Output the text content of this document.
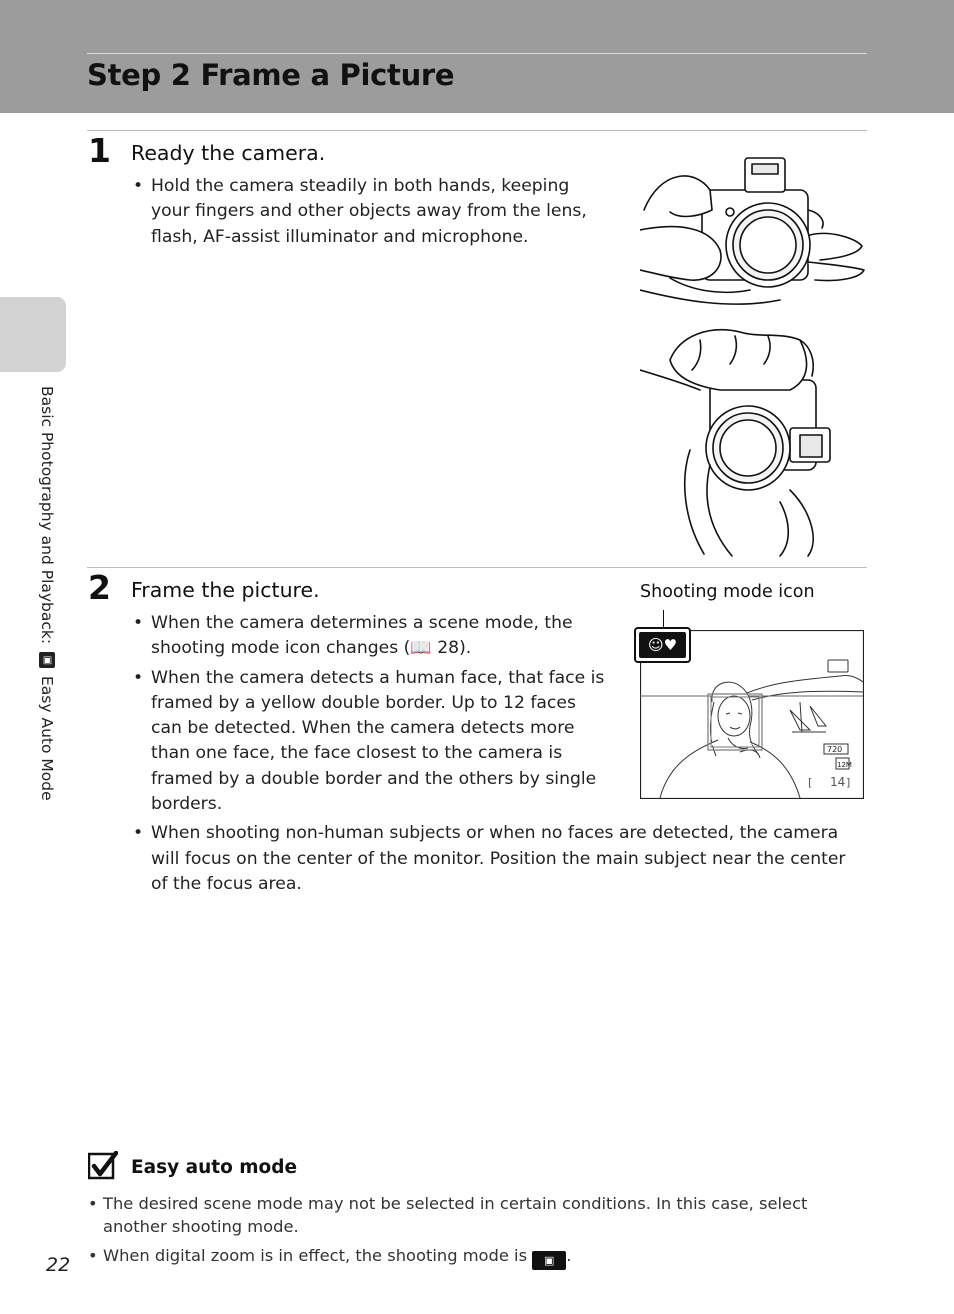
Step 2 Frame a Picture
Basic Photography and Playback: ▣ Easy Auto Mode
1 Ready the camera.
• Hold the camera steadily in both hands, keeping your fingers and other objects away from the lens, flash, AF-assist illuminator and microphone.
2 Frame the picture.
• When the camera determines a scene mode, the shooting mode icon changes (📖 28).
• When the camera detects a human face, that face is framed by a yellow double border. Up to 12 faces can be detected. When the camera detects more than one face, the face closest to the camera is framed by a double border and the others by single borders.
• When shooting non-human subjects or when no faces are detected, the camera will focus on the center of the monitor. Position the main subject near the center of the focus area.
Shooting mode icon
720
12M
[ 14 ]
☺♥
Easy auto mode
• The desired scene mode may not be selected in certain conditions. In this case, select another shooting mode.
• When digital zoom is in effect, the shooting mode is ▣ .
22
